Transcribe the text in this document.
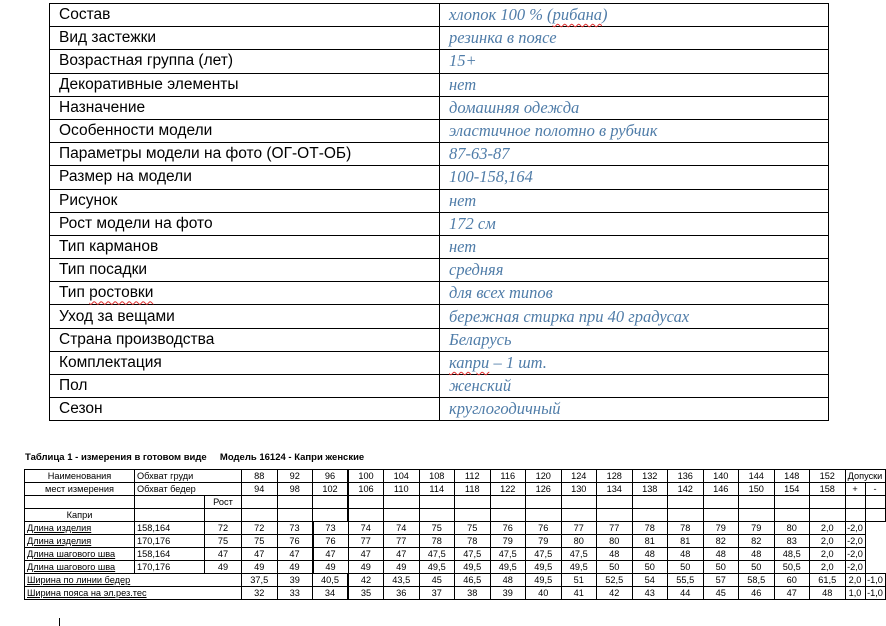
Состав	хлопок 100 % (рибана)
Вид застежки	резинка в поясе
Возрастная группа (лет)	15+
Декоративные элементы	нет
Назначение	домашняя одежда
Особенности модели	эластичное полотно в рубчик
Параметры модели на фото (ОГ-ОТ-ОБ)	87-63-87
Размер на модели	100-158,164
Рисунок	нет
Рост модели на фото	172 см
Тип карманов	нет
Тип посадки	средняя
Тип ростовки	для всех типов
Уход за вещами	бережная стирка при 40 градусах
Страна производства	Беларусь
Комплектация	капри – 1 шт.
Пол	женский
Сезон	круглогодичный
Таблица 1 - измерения в готовом виде Модель 16124 - Капри женские
Наименования	Обхват груди		88	92	96	100	104	108	112	116	120	124	128	132	136	140	144	148	152	Допуски	
мест измерения	Обхват бедер		94	98	102	106	110	114	118	122	126	130	134	138	142	146	150	154	158	+	-
		Рост																			
Капри																					
Длина изделия	158,164	72	72	73	73	74	74	75	75	76	76	77	77	78	78	79	79	80	2,0	-2,0	
Длина изделия	170,176	75	75	76	76	77	77	78	78	79	79	80	80	81	81	82	82	83	2,0	-2,0	
Длина шагового шва	158,164	47	47	47	47	47	47	47,5	47,5	47,5	47,5	47,5	48	48	48	48	48	48,5	2,0	-2,0	
Длина шагового шва	170,176	49	49	49	49	49	49	49,5	49,5	49,5	49,5	49,5	50	50	50	50	50	50,5	2,0	-2,0	
Ширина по линии бедер			37,5	39	40,5	42	43,5	45	46,5	48	49,5	51	52,5	54	55,5	57	58,5	60	61,5	2,0	-1,0
Ширина пояса на эл.рез.тес			32	33	34	35	36	37	38	39	40	41	42	43	44	45	46	47	48	1,0	-1,0
